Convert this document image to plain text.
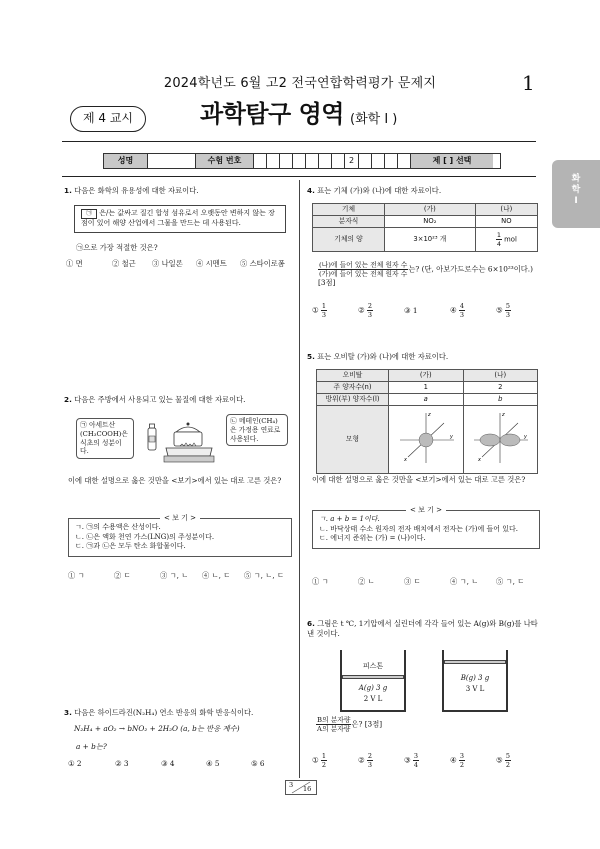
2024학년도 6월 고2 전국연합학력평가 문제지	1
제 4 교시	과학탐구 영역 (화학 I )
성명	수험 번호	2	제 [ ] 선택
화
학
I
1. 다음은 화학의 유용성에 대한 자료이다.
㉠ 은/는 값싸고 질긴 합성 섬유로서 오랫동안 변하지 않는 장점이 있어 해양 산업에서 그물을 만드는 데 사용된다.
㉠으로 가장 적절한 것은?
① 면	② 철근	③ 나일론	④ 시멘트	⑤ 스타이로폼
2. 다음은 주방에서 사용되고 있는 물질에 대한 자료이다.
㉠ 아세트산 (CH₃COOH)은 식초의 성분이다.
㉡ 메테인(CH₄)은 가정용 연료로 사용된다.
이에 대한 설명으로 옳은 것만을 <보기>에서 있는 대로 고른 것은?
< 보 기 >
ㄱ. ㉠의 수용액은 산성이다.
ㄴ. ㉡은 액화 천연 가스(LNG)의 주성분이다.
ㄷ. ㉠과 ㉡은 모두 탄소 화합물이다.
① ㄱ	② ㄷ	③ ㄱ, ㄴ	④ ㄴ, ㄷ	⑤ ㄱ, ㄴ, ㄷ
3. 다음은 하이드라진(N₂H₄) 연소 반응의 화학 반응식이다.
N₂H₄ + aO₂ → bNO₂ + 2H₂O (a, b는 반응 계수)
a + b는?
① 2	② 3	③ 4	④ 5	⑤ 6
4. 표는 기체 (가)와 (나)에 대한 자료이다.
기체	(가)	(나)
분자식	NO₂	NO
기체의 양	3×10²³ 개	$\frac{1}{4}$ mol
$\frac{\text{(나)에 들어 있는 전체 원자 수}}{\text{(가)에 들어 있는 전체 원자 수}}$ 는? (단, 아보가드로수는 6×10²³이다.) [3점]
① $\frac{1}{3}$	② $\frac{2}{3}$	③ 1	④ $\frac{4}{3}$	⑤ $\frac{5}{3}$
5. 표는 오비탈 (가)와 (나)에 대한 자료이다.
오비탈	(가)	(나)
주 양자수(n)	1	2
방위(부) 양자수(l)	a	b
모형	z
y
x	z
y
x
이에 대한 설명으로 옳은 것만을 <보기>에서 있는 대로 고른 것은?
< 보 기 >
ㄱ. a + b = 1이다.
ㄴ. 바닥상태 수소 원자의 전자 배치에서 전자는 (가)에 들어 있다.
ㄷ. 에너지 준위는 (가) = (나)이다.
① ㄱ	② ㄴ	③ ㄷ	④ ㄱ, ㄴ	⑤ ㄱ, ㄷ
6. 그림은 t ℃, 1기압에서 실린더에 각각 들어 있는 A(g)와 B(g)를 나타낸 것이다.
피스톤
A(g) 3 g
2 V L
B(g) 3 g
3 V L
$\frac{\text{B의 분자량}}{\text{A의 분자량}}$ 은? [3점]
① $\frac{1}{2}$	② $\frac{2}{3}$	③ $\frac{3}{4}$	④ $\frac{3}{2}$	⑤ $\frac{5}{2}$
3 16
